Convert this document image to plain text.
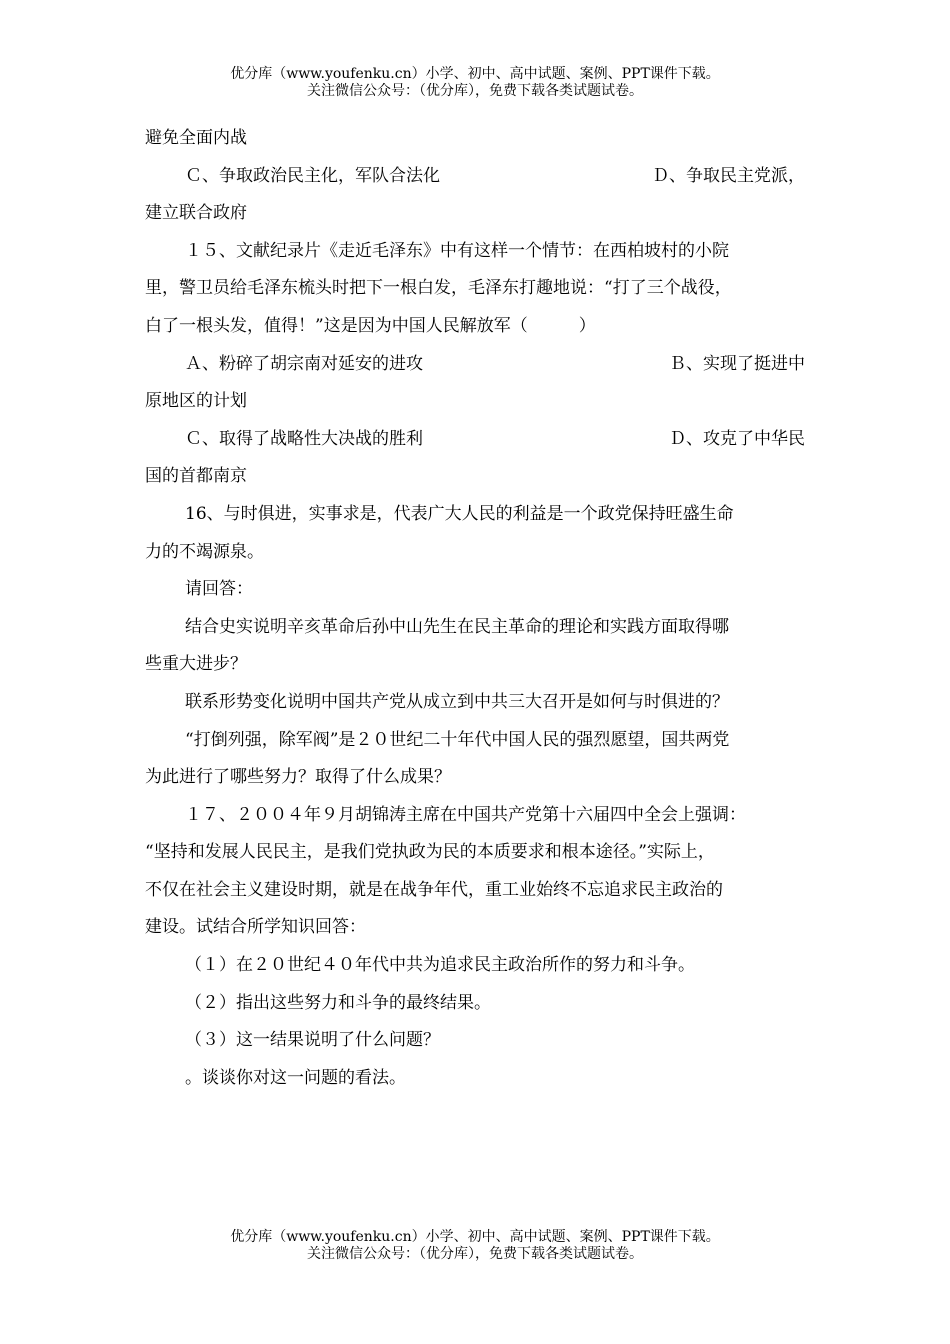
优分库（www.youfenku.cn）小学、初中、高中试题、案例、PPT课件下载。
关注微信公众号：（优分库），免费下载各类试题试卷。
避免全面内战
Ｃ、争取政治民主化，军队合法化	Ｄ、争取民主党派，
建立联合政府
１５、文献纪录片《走近毛泽东》中有这样一个情节：在西柏坡村的小院
里，警卫员给毛泽东梳头时把下一根白发，毛泽东打趣地说：“打了三个战役，
白了一根头发，值得！”这是因为中国人民解放军（　　　）
Ａ、粉碎了胡宗南对延安的进攻	Ｂ、实现了挺进中
原地区的计划
Ｃ、取得了战略性大决战的胜利	Ｄ、攻克了中华民
国的首都南京
16、与时俱进，实事求是，代表广大人民的利益是一个政党保持旺盛生命
力的不竭源泉。
请回答：
结合史实说明辛亥革命后孙中山先生在民主革命的理论和实践方面取得哪
些重大进步？
联系形势变化说明中国共产党从成立到中共三大召开是如何与时俱进的？
“打倒列强，除军阀”是２０世纪二十年代中国人民的强烈愿望，国共两党
为此进行了哪些努力？取得了什么成果？
１７、２００４年９月胡锦涛主席在中国共产党第十六届四中全会上强调：
“坚持和发展人民民主，是我们党执政为民的本质要求和根本途径。”实际上，
不仅在社会主义建设时期，就是在战争年代，重工业始终不忘追求民主政治的
建设。试结合所学知识回答：
（１）在２０世纪４０年代中共为追求民主政治所作的努力和斗争。
（２）指出这些努力和斗争的最终结果。
（３）这一结果说明了什么问题？
。谈谈你对这一问题的看法。
优分库（www.youfenku.cn）小学、初中、高中试题、案例、PPT课件下载。
关注微信公众号：（优分库），免费下载各类试题试卷。
